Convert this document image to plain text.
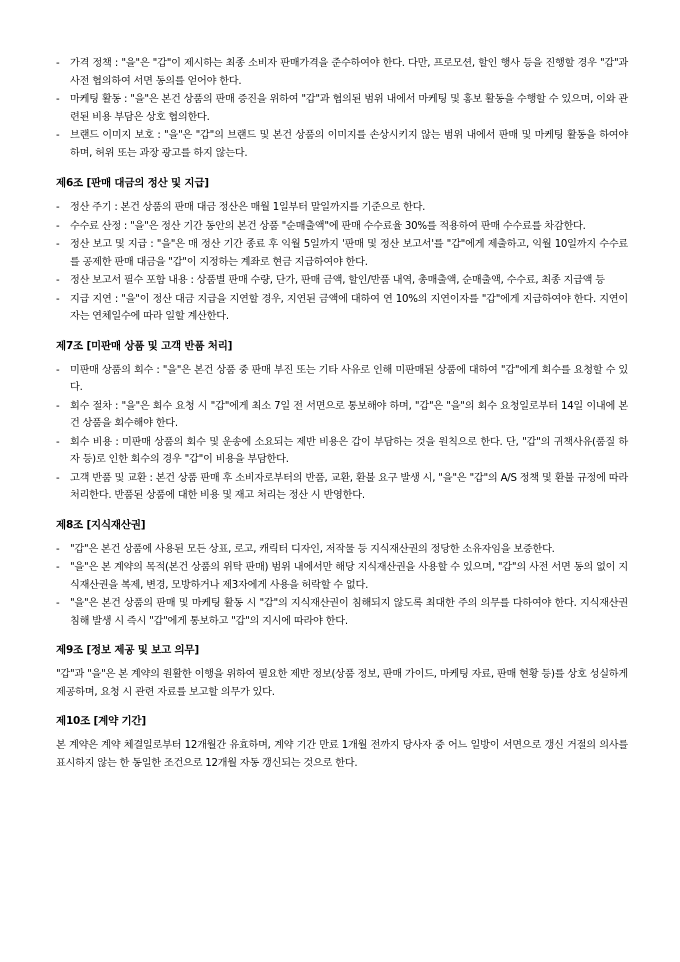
- 가격 정책 : "을"은 "갑"이 제시하는 최종 소비자 판매가격을 준수하여야 한다. 다만, 프로모션, 할인 행사 등을 진행할 경우 "갑"과 사전 협의하여 서면 동의를 얻어야 한다.
- 마케팅 활동 : "을"은 본건 상품의 판매 증진을 위하여 "갑"과 협의된 범위 내에서 마케팅 및 홍보 활동을 수행할 수 있으며, 이와 관련된 비용 부담은 상호 협의한다.
- 브랜드 이미지 보호 : "을"은 "갑"의 브랜드 및 본건 상품의 이미지를 손상시키지 않는 범위 내에서 판매 및 마케팅 활동을 하여야 하며, 허위 또는 과장 광고를 하지 않는다.
제6조 [판매 대금의 정산 및 지급]
- 정산 주기 : 본건 상품의 판매 대금 정산은 매월 1일부터 말일까지를 기준으로 한다.
- 수수료 산정 : "을"은 정산 기간 동안의 본건 상품 "순매출액"에 판매 수수료율 30%를 적용하여 판매 수수료를 차감한다.
- 정산 보고 및 지급 : "을"은 매 정산 기간 종료 후 익월 5일까지 '판매 및 정산 보고서'를 "갑"에게 제출하고, 익월 10일까지 수수료를 공제한 판매 대금을 "갑"이 지정하는 계좌로 현금 지급하여야 한다.
- 정산 보고서 필수 포함 내용 : 상품별 판매 수량, 단가, 판매 금액, 할인/반품 내역, 총매출액, 순매출액, 수수료, 최종 지급액 등
- 지급 지연 : "을"이 정산 대금 지급을 지연할 경우, 지연된 금액에 대하여 연 10%의 지연이자를 "갑"에게 지급하여야 한다. 지연이자는 연체일수에 따라 일할 계산한다.
제7조 [미판매 상품 및 고객 반품 처리]
- 미판매 상품의 회수 : "을"은 본건 상품 중 판매 부진 또는 기타 사유로 인해 미판매된 상품에 대하여 "갑"에게 회수를 요청할 수 있다.
- 회수 절차 : "을"은 회수 요청 시 "갑"에게 최소 7일 전 서면으로 통보해야 하며, "갑"은 "을"의 회수 요청일로부터 14일 이내에 본건 상품을 회수해야 한다.
- 회수 비용 : 미판매 상품의 회수 및 운송에 소요되는 제반 비용은 갑이 부담하는 것을 원칙으로 한다. 단, "갑"의 귀책사유(품질 하자 등)로 인한 회수의 경우 "갑"이 비용을 부담한다.
- 고객 반품 및 교환 : 본건 상품 판매 후 소비자로부터의 반품, 교환, 환불 요구 발생 시, "을"은 "갑"의 A/S 정책 및 환불 규정에 따라 처리한다. 반품된 상품에 대한 비용 및 재고 처리는 정산 시 반영한다.
제8조 [지식재산권]
- "갑"은 본건 상품에 사용된 모든 상표, 로고, 캐릭터 디자인, 저작물 등 지식재산권의 정당한 소유자임을 보증한다.
- "을"은 본 계약의 목적(본건 상품의 위탁 판매) 범위 내에서만 해당 지식재산권을 사용할 수 있으며, "갑"의 사전 서면 동의 없이 지식재산권을 복제, 변경, 모방하거나 제3자에게 사용을 허락할 수 없다.
- "을"은 본건 상품의 판매 및 마케팅 활동 시 "갑"의 지식재산권이 침해되지 않도록 최대한 주의 의무를 다하여야 한다. 지식재산권 침해 발생 시 즉시 "갑"에게 통보하고 "갑"의 지시에 따라야 한다.
제9조 [정보 제공 및 보고 의무]

"갑"과 "을"은 본 계약의 원활한 이행을 위하여 필요한 제반 정보(상품 정보, 판매 가이드, 마케팅 자료, 판매 현황 등)를 상호 성실하게 제공하며, 요청 시 관련 자료를 보고할 의무가 있다.

제10조 [계약 기간]

본 계약은 계약 체결일로부터 12개월간 유효하며, 계약 기간 만료 1개월 전까지 당사자 중 어느 일방이 서면으로 갱신 거절의 의사를 표시하지 않는 한 동일한 조건으로 12개월 자동 갱신되는 것으로 한다.
